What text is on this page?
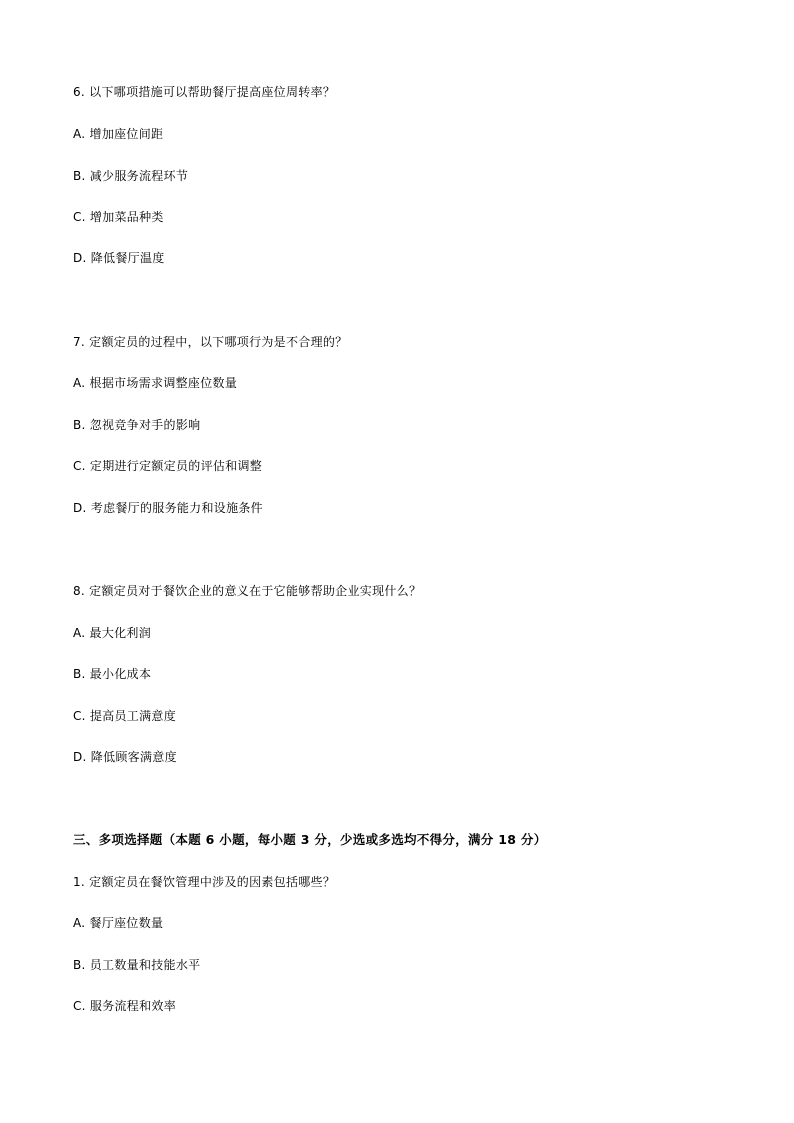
6. 以下哪项措施可以帮助餐厅提高座位周转率？
A. 增加座位间距
B. 减少服务流程环节
C. 增加菜品种类
D. 降低餐厅温度
7. 定额定员的过程中，以下哪项行为是不合理的？
A. 根据市场需求调整座位数量
B. 忽视竞争对手的影响
C. 定期进行定额定员的评估和调整
D. 考虑餐厅的服务能力和设施条件
8. 定额定员对于餐饮企业的意义在于它能够帮助企业实现什么？
A. 最大化利润
B. 最小化成本
C. 提高员工满意度
D. 降低顾客满意度
三、多项选择题（本题 6 小题，每小题 3 分，少选或多选均不得分，满分 18 分）
1. 定额定员在餐饮管理中涉及的因素包括哪些？
A. 餐厅座位数量
B. 员工数量和技能水平
C. 服务流程和效率
